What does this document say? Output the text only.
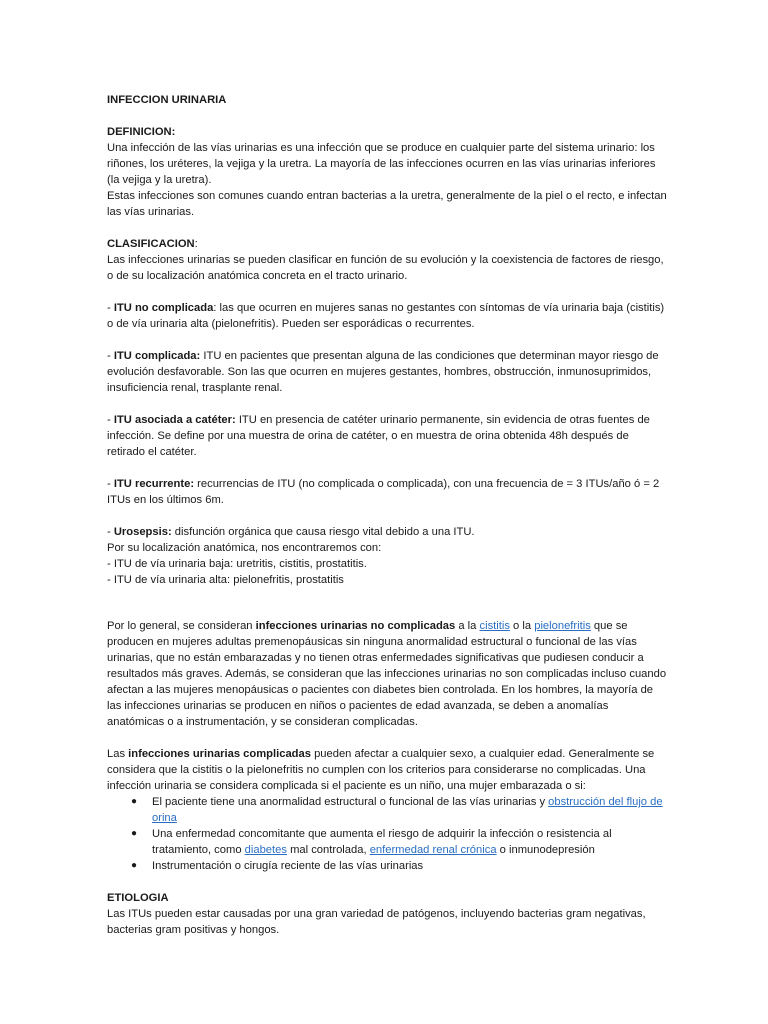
INFECCION URINARIA

DEFINICION:

Una infección de las vías urinarias es una infección que se produce en cualquier parte del sistema urinario: los riñones, los uréteres, la vejiga y la uretra. La mayoría de las infecciones ocurren en las vías urinarias inferiores (la vejiga y la uretra).

Estas infecciones son comunes cuando entran bacterias a la uretra, generalmente de la piel o el recto, e infectan las vías urinarias.

CLASIFICACION:

Las infecciones urinarias se pueden clasificar en función de su evolución y la coexistencia de factores de riesgo, o de su localización anatómica concreta en el tracto urinario.

- ITU no complicada: las que ocurren en mujeres sanas no gestantes con síntomas de vía urinaria baja (cistitis) o de vía urinaria alta (pielonefritis). Pueden ser esporádicas o recurrentes.

- ITU complicada: ITU en pacientes que presentan alguna de las condiciones que determinan mayor riesgo de evolución desfavorable. Son las que ocurren en mujeres gestantes, hombres, obstrucción, inmunosuprimidos, insuficiencia renal, trasplante renal.

- ITU asociada a catéter: ITU en presencia de catéter urinario permanente, sin evidencia de otras fuentes de infección. Se define por una muestra de orina de catéter, o en muestra de orina obtenida 48h después de retirado el catéter.

- ITU recurrente: recurrencias de ITU (no complicada o complicada), con una frecuencia de = 3 ITUs/año ó = 2 ITUs en los últimos 6m.

- Urosepsis: disfunción orgánica que causa riesgo vital debido a una ITU.

Por su localización anatómica, nos encontraremos con:

- ITU de vía urinaria baja: uretritis, cistitis, prostatitis.

- ITU de vía urinaria alta: pielonefritis, prostatitis

Por lo general, se consideran infecciones urinarias no complicadas a la cistitis o la pielonefritis que se producen en mujeres adultas premenopáusicas sin ninguna anormalidad estructural o funcional de las vías urinarias, que no están embarazadas y no tienen otras enfermedades significativas que pudiesen conducir a resultados más graves. Además, se consideran que las infecciones urinarias no son complicadas incluso cuando afectan a las mujeres menopáusicas o pacientes con diabetes bien controlada. En los hombres, la mayoría de las infecciones urinarias se producen en niños o pacientes de edad avanzada, se deben a anomalías anatómicas o a instrumentación, y se consideran complicadas.

Las infecciones urinarias complicadas pueden afectar a cualquier sexo, a cualquier edad. Generalmente se considera que la cistitis o la pielonefritis no cumplen con los criterios para considerarse no complicadas. Una infección urinaria se considera complicada si el paciente es un niño, una mujer embarazada o si:

● El paciente tiene una anormalidad estructural o funcional de las vías urinarias y obstrucción del flujo de orina
● Una enfermedad concomitante que aumenta el riesgo de adquirir la infección o resistencia al tratamiento, como diabetes mal controlada, enfermedad renal crónica o inmunodepresión
● Instrumentación o cirugía reciente de las vías urinarias

ETIOLOGIA

Las ITUs pueden estar causadas por una gran variedad de patógenos, incluyendo bacterias gram negativas, bacterias gram positivas y hongos.
